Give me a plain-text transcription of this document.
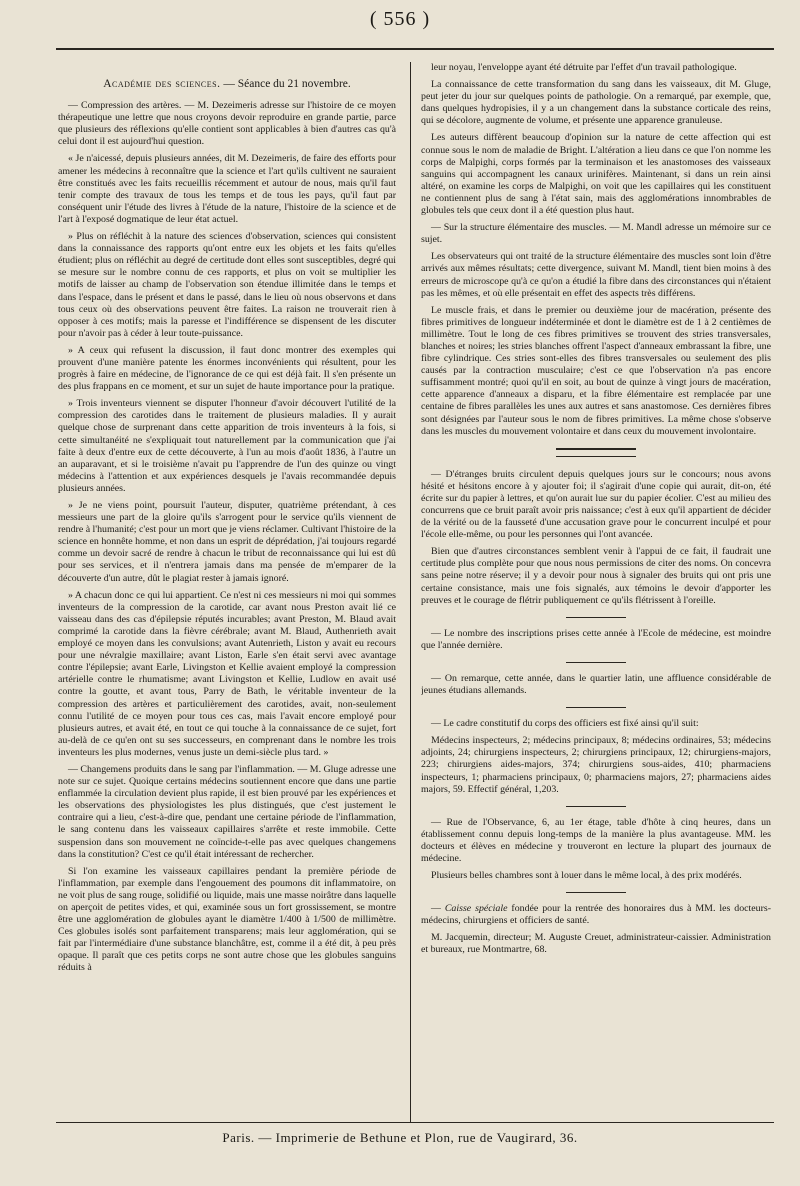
( 556 )

Académie des sciences. — Séance du 21 novembre.

— Compression des artères. — M. Dezeimeris adresse sur l'histoire de ce moyen thérapeutique une lettre que nous croyons devoir reproduire en grande partie, parce que plusieurs des réflexions qu'elle contient sont applicables à bien d'autres cas qu'à celui dont il est aujourd'hui question.

« Je n'aicessé, depuis plusieurs années, dit M. Dezeimeris, de faire des efforts pour amener les médecins à reconnaître que la science et l'art qu'ils cultivent ne sauraient être constitués avec les faits recueillis récemment et autour de nous, mais qu'il faut tenir compte des travaux de tous les temps et de tous les pays, qu'il faut par conséquent unir l'étude des livres à l'étude de la nature, l'histoire de la science et de l'art à l'exposé dogmatique de leur état actuel.

» Plus on réfléchit à la nature des sciences d'observation, sciences qui consistent dans la connaissance des rapports qu'ont entre eux les objets et les faits qu'elles étudient; plus on réfléchit au degré de certitude dont elles sont susceptibles, degré qui se mesure sur le nombre connu de ces rapports, et plus on voit se multiplier les motifs de laisser au champ de l'observation son étendue illimitée dans le temps et dans l'espace, dans le présent et dans le passé, dans le lieu où nous observons et dans tous ceux où des observations peuvent être faites. La raison ne trouverait rien à opposer à ces motifs; mais la paresse et l'indifférence se dispensent de les discuter pour n'avoir pas à céder à leur toute-puissance.

» A ceux qui refusent la discussion, il faut donc montrer des exemples qui prouvent d'une manière patente les énormes inconvénients qui résultent, pour les progrès à faire en médecine, de l'ignorance de ce qui est déjà fait. Il s'en présente un des plus frappans en ce moment, et sur un sujet de haute importance pour la pratique.

» Trois inventeurs viennent se disputer l'honneur d'avoir découvert l'utilité de la compression des carotides dans le traitement de plusieurs maladies. Il y aurait quelque chose de surprenant dans cette apparition de trois inventeurs à la fois, si cette simultanéité ne s'expliquait tout naturellement par la communication que j'ai faite à deux d'entre eux de cette découverte, à l'un au mois d'août 1836, à l'autre un an auparavant, et si le troisième n'avait pu l'apprendre de l'un des quinze ou vingt médecins à l'attention et aux expériences desquels je l'avais recommandée depuis plusieurs années.

» Je ne viens point, poursuit l'auteur, disputer, quatrième prétendant, à ces messieurs une part de la gloire qu'ils s'arrogent pour le service qu'ils viennent de rendre à l'humanité; c'est pour un mort que je viens réclamer. Cultivant l'histoire de la science en honnête homme, et non dans un esprit de déprédation, j'ai toujours regardé comme un devoir sacré de rendre à chacun le tribut de reconnaissance qui lui est dû pour ses services, et il n'entrera jamais dans ma pensée de m'emparer de la découverte d'un autre, dût le plagiat rester à jamais ignoré.

» A chacun donc ce qui lui appartient. Ce n'est ni ces messieurs ni moi qui sommes inventeurs de la compression de la carotide, car avant nous Preston avait lié ce vaisseau dans des cas d'épilepsie réputés incurables; avant Preston, M. Blaud avait comprimé la carotide dans la fièvre cérébrale; avant M. Blaud, Authenrieth avait employé ce moyen dans les convulsions; avant Autenrieth, Liston y avait eu recours pour une névralgie maxillaire; avant Liston, Earle s'en était servi avec avantage contre l'épilepsie; avant Earle, Livingston et Kellie avaient employé la compression artérielle contre le rhumatisme; avant Livingston et Kellie, Ludlow en avait usé contre la goutte, et avant tous, Parry de Bath, le véritable inventeur de la compression des artères et particulièrement des carotides, avait, non-seulement connu l'utilité de ce moyen pour tous ces cas, mais l'avait encore employé pour plusieurs autres, et avait été, en tout ce qui touche à la connaissance de ce sujet, fort au-delà de ce qu'en ont su ses successeurs, en comprenant dans le nombre les trois inventeurs les plus modernes, venus juste un demi-siècle plus tard. »

— Changemens produits dans le sang par l'inflammation. — M. Gluge adresse une note sur ce sujet. Quoique certains médecins soutiennent encore que dans une partie enflammée la circulation devient plus rapide, il est bien prouvé par les expériences et les observations des physiologistes les plus distingués, que c'est justement le contraire qui a lieu, c'est-à-dire que, pendant une certaine période de l'inflammation, le sang contenu dans les vaisseaux capillaires s'arrête et reste immobile. Cette suspension dans son mouvement ne coïncide-t-elle pas avec quelques changemens dans la constitution? C'est ce qu'il était intéressant de rechercher.

Si l'on examine les vaisseaux capillaires pendant la première période de l'inflammation, par exemple dans l'engouement des poumons dit inflammatoire, on ne voit plus de sang rouge, solidifié ou liquide, mais une masse noirâtre dans laquelle on aperçoit de petites vides, et qui, examinée sous un fort grossissement, se montre être une agglomération de globules ayant le diamètre 1/400 à 1/500 de millimètre. Ces globules isolés sont parfaitement transparens; mais leur agglomération, qui se fait par l'intermédiaire d'une substance blanchâtre, est, comme il a été dit, à peu près opaque. Il paraît que ces petits corps ne sont autre chose que les globules sanguins réduits à

leur noyau, l'enveloppe ayant été détruite par l'effet d'un travail pathologique.

La connaissance de cette transformation du sang dans les vaisseaux, dit M. Gluge, peut jeter du jour sur quelques points de pathologie. On a remarqué, par exemple, que, dans quelques hydropisies, il y a un changement dans la substance corticale des reins, qui se décolore, augmente de volume, et présente une apparence granuleuse.

Les auteurs diffèrent beaucoup d'opinion sur la nature de cette affection qui est connue sous le nom de maladie de Bright. L'altération a lieu dans ce que l'on nomme les corps de Malpighi, corps formés par la terminaison et les anastomoses des vaisseaux sanguins qui accompagnent les canaux urinifères. Maintenant, si dans un rein ainsi altéré, on examine les corps de Malpighi, on voit que les capillaires qui les constituent ne contiennent plus de sang à l'état sain, mais des agglomérations innombrables de globules tels que ceux dont il a été question plus haut.

— Sur la structure élémentaire des muscles. — M. Mandl adresse un mémoire sur ce sujet.

Les observateurs qui ont traité de la structure élémentaire des muscles sont loin d'être arrivés aux mêmes résultats; cette divergence, suivant M. Mandl, tient bien moins à des erreurs de microscope qu'à ce qu'on a étudié la fibre dans des circonstances qui n'étaient pas les mêmes, et où elle présentait en effet des aspects très différens.

Le muscle frais, et dans le premier ou deuxième jour de macération, présente des fibres primitives de longueur indéterminée et dont le diamètre est de 1 à 2 centièmes de millimètre. Tout le long de ces fibres primitives se trouvent des stries transversales, blanches et noires; les stries blanches offrent l'aspect d'anneaux embrassant la fibre, une fibre cylindrique. Ces stries sont-elles des fibres transversales ou seulement des plis causés par la contraction musculaire; c'est ce que l'observation n'a pas encore suffisamment montré; quoi qu'il en soit, au bout de quinze à vingt jours de macération, cette apparence d'anneaux a disparu, et la fibre élémentaire est remplacée par une centaine de fibres parallèles les unes aux autres et sans anastomose. Ces dernières fibres sont désignées par l'auteur sous le nom de fibres primitives. La même chose s'observe dans les muscles du mouvement volontaire et dans ceux du mouvement involontaire.

— D'étranges bruits circulent depuis quelques jours sur le concours; nous avons hésité et hésitons encore à y ajouter foi; il s'agirait d'une copie qui aurait, dit-on, été écrite sur du papier à lettres, et qu'on aurait lue sur du papier écolier. C'est au milieu des concurrens que ce bruit paraît avoir pris naissance; c'est à eux qu'il appartient de décider de la vérité ou de la fausseté d'une accusation grave pour le concurrent inculpé et pour l'école elle-même, ou pour les personnes qui l'ont avancée.

Bien que d'autres circonstances semblent venir à l'appui de ce fait, il faudrait une certitude plus complète pour que nous nous permissions de citer des noms. On concevra sans peine notre réserve; il y a devoir pour nous à signaler des bruits qui ont pris une certaine consistance, mais une fois signalés, aux témoins le devoir d'apporter les preuves et le courage de flétrir publiquement ce qu'ils flétrissent à l'oreille.

— Le nombre des inscriptions prises cette année à l'Ecole de médecine, est moindre que l'année dernière.

— On remarque, cette année, dans le quartier latin, une affluence considérable de jeunes étudians allemands.

— Le cadre constitutif du corps des officiers est fixé ainsi qu'il suit:

Médecins inspecteurs, 2; médecins principaux, 8; médecins ordinaires, 53; médecins adjoints, 24; chirurgiens inspecteurs, 2; chirurgiens principaux, 12; chirurgiens-majors, 223; chirurgiens aides-majors, 374; chirurgiens sous-aides, 410; pharmaciens inspecteurs, 1; pharmaciens principaux, 0; pharmaciens majors, 27; pharmaciens aides majors, 59. Effectif général, 1,203.

— Rue de l'Observance, 6, au 1er étage, table d'hôte à cinq heures, dans un établissement connu depuis long-temps de la manière la plus avantageuse. MM. les docteurs et élèves en médecine y trouveront en lecture la plupart des journaux de médecine.

Plusieurs belles chambres sont à louer dans le même local, à des prix modérés.

— Caisse spéciale fondée pour la rentrée des honoraires dus à MM. les docteurs-médecins, chirurgiens et officiers de santé.

M. Jacquemin, directeur; M. Auguste Creuet, administrateur-caissier. Administration et bureaux, rue Montmartre, 68.

Paris. — Imprimerie de Bethune et Plon, rue de Vaugirard, 36.
